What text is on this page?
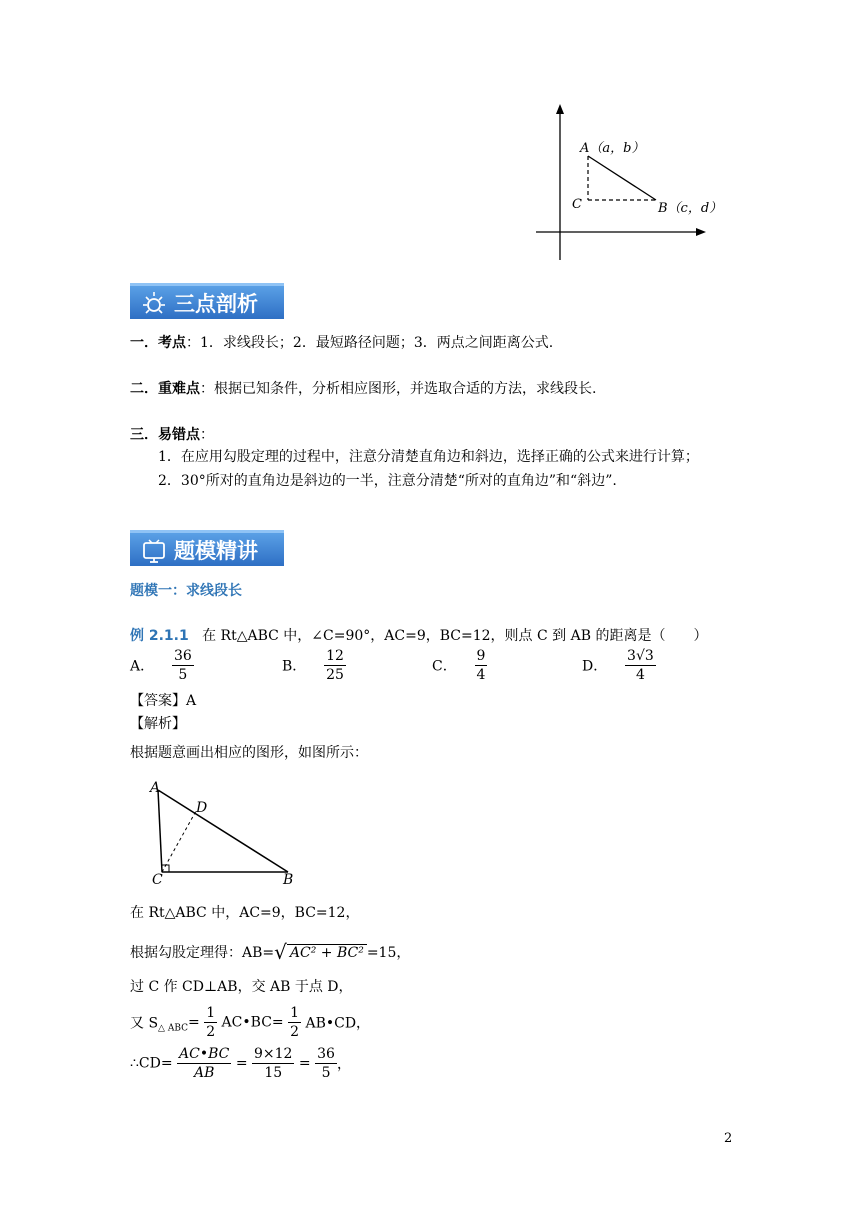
A（a，b）
B（c，d）
C
三点剖析
一．考点：1．求线段长；2．最短路径问题；3．两点之间距离公式.
二．重难点：根据已知条件，分析相应图形，并选取合适的方法，求线段长.
三．易错点：
1．在应用勾股定理的过程中，注意分清楚直角边和斜边，选择正确的公式来进行计算；
2．30°所对的直角边是斜边的一半，注意分清楚“所对的直角边”和“斜边”.
题模精讲
题模一：求线段长
例 2.1.1 在 Rt△ABC 中，∠C=90°，AC=9，BC=12，则点 C 到 AB 的距离是（　　）
A． $\frac{36}{5}$	B． $\frac{12}{25}$	C． $\frac{9}{4}$	D． $\frac{3√3}{4}$
【答案】A
【解析】
根据题意画出相应的图形，如图所示：
A
D
C	B
在 Rt△ABC 中，AC=9，BC=12，
根据勾股定理得：AB=√ AC² + BC² =15，
过 C 作 CD⊥AB，交 AB 于点 D，
又 $S_{\triangle ABC}= \frac{1}{2}$ AC•BC= $\frac{1}{2}$ AB•CD，
∴CD= $\frac{AC•BC}{AB} = \frac{9\times 12}{15} = \frac{36}{5}$ ，
2
